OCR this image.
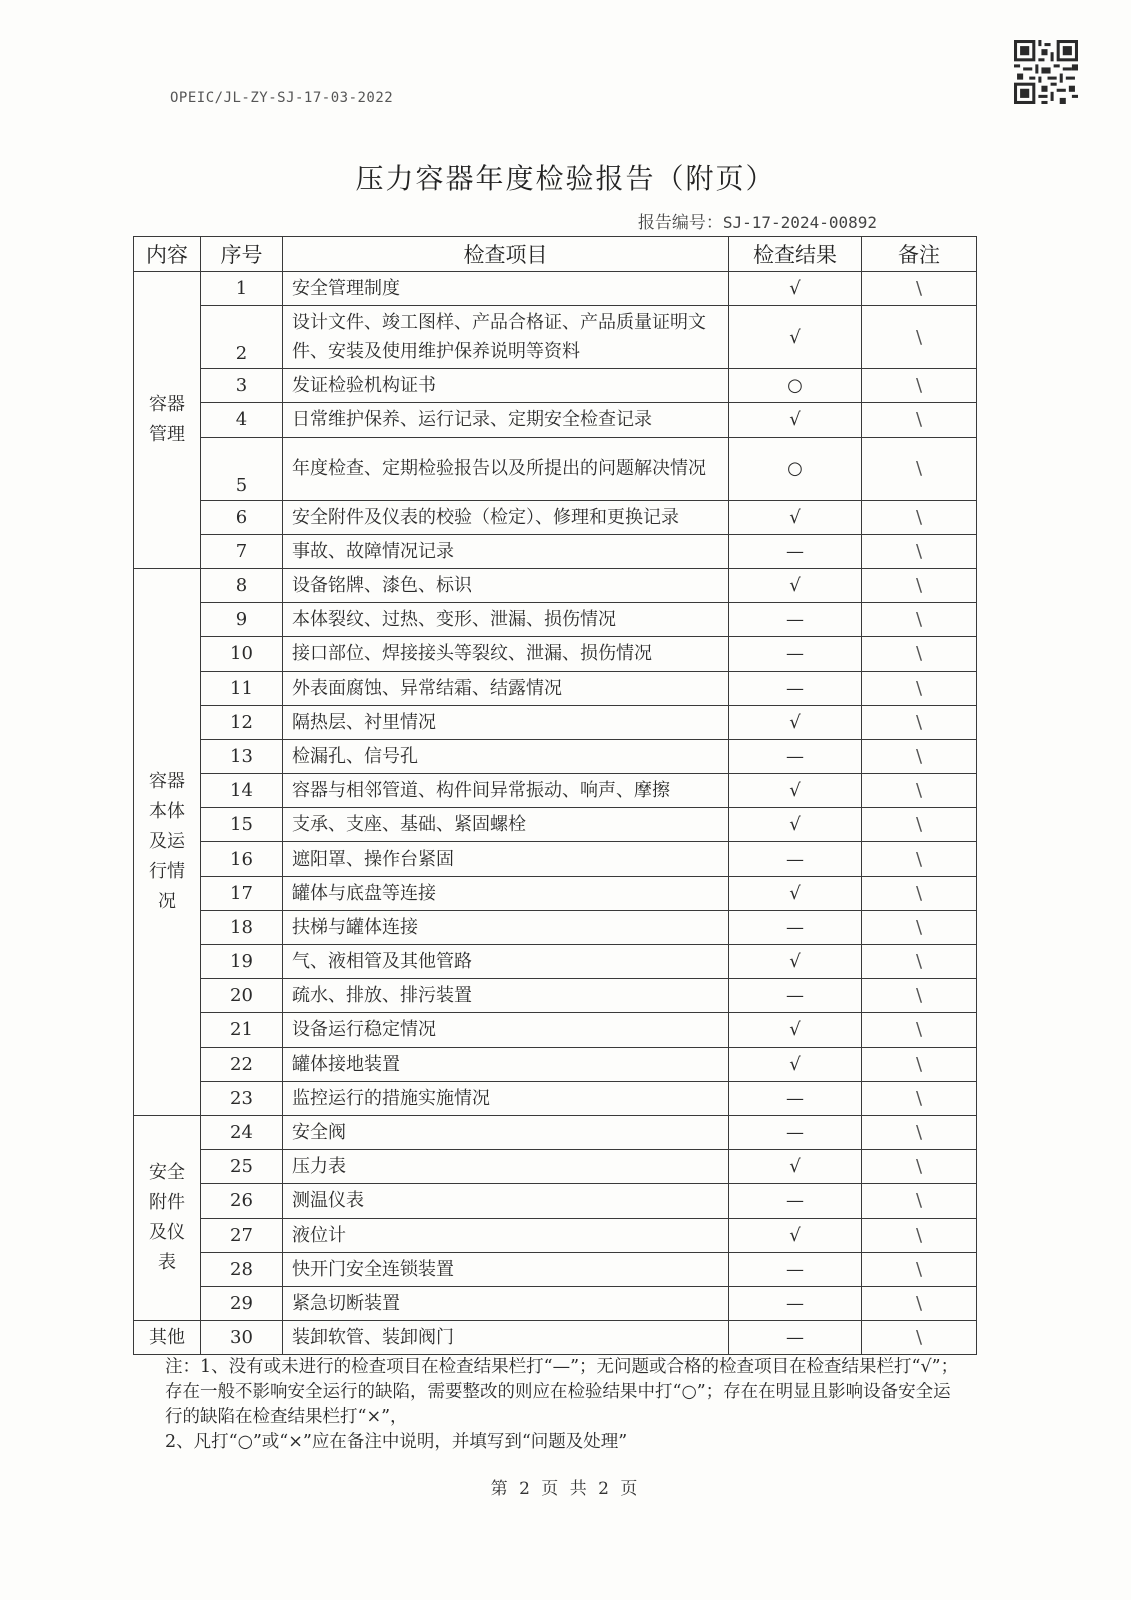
OPEIC/JL-ZY-SJ-17-03-2022
压力容器年度检验报告（附页）
报告编号：SJ-17-2024-00892
内容	序号	检查项目	检查结果	备注

容器管理	1	安全管理制度	√	\
	2	设计文件、竣工图样、产品合格证、产品质量证明文件、安装及使用维护保养说明等资料	√	\
	3	发证检验机构证书	○	\
	4	日常维护保养、运行记录、定期安全检查记录	√	\
	5	年度检查、定期检验报告以及所提出的问题解决情况	○	\
	6	安全附件及仪表的校验（检定）、修理和更换记录	√	\
	7	事故、故障情况记录	—	\

容器本体及运行情况	8	设备铭牌、漆色、标识	√	\
	9	本体裂纹、过热、变形、泄漏、损伤情况	—	\
	10	接口部位、焊接接头等裂纹、泄漏、损伤情况	—	\
	11	外表面腐蚀、异常结霜、结露情况	—	\
	12	隔热层、衬里情况	√	\
	13	检漏孔、信号孔	—	\
	14	容器与相邻管道、构件间异常振动、响声、摩擦	√	\
	15	支承、支座、基础、紧固螺栓	√	\
	16	遮阳罩、操作台紧固	—	\
	17	罐体与底盘等连接	√	\
	18	扶梯与罐体连接	—	\
	19	气、液相管及其他管路	√	\
	20	疏水、排放、排污装置	—	\
	21	设备运行稳定情况	√	\
	22	罐体接地装置	√	\
	23	监控运行的措施实施情况	—	\

安全附件及仪表	24	安全阀	—	\
	25	压力表	√	\
	26	测温仪表	—	\
	27	液位计	√	\
	28	快开门安全连锁装置	—	\
	29	紧急切断装置	—	\

其他	30	装卸软管、装卸阀门	—	\

注：1、没有或未进行的检查项目在检查结果栏打“—”；无问题或合格的检查项目在检查结果栏打“√”；存在一般不影响安全运行的缺陷，需要整改的则应在检验结果中打“○”；存在在明显且影响设备安全运行的缺陷在检查结果栏打“×”，

2、凡打“○”或“×”应在备注中说明，并填写到“问题及处理”

第 2 页 共 2 页
